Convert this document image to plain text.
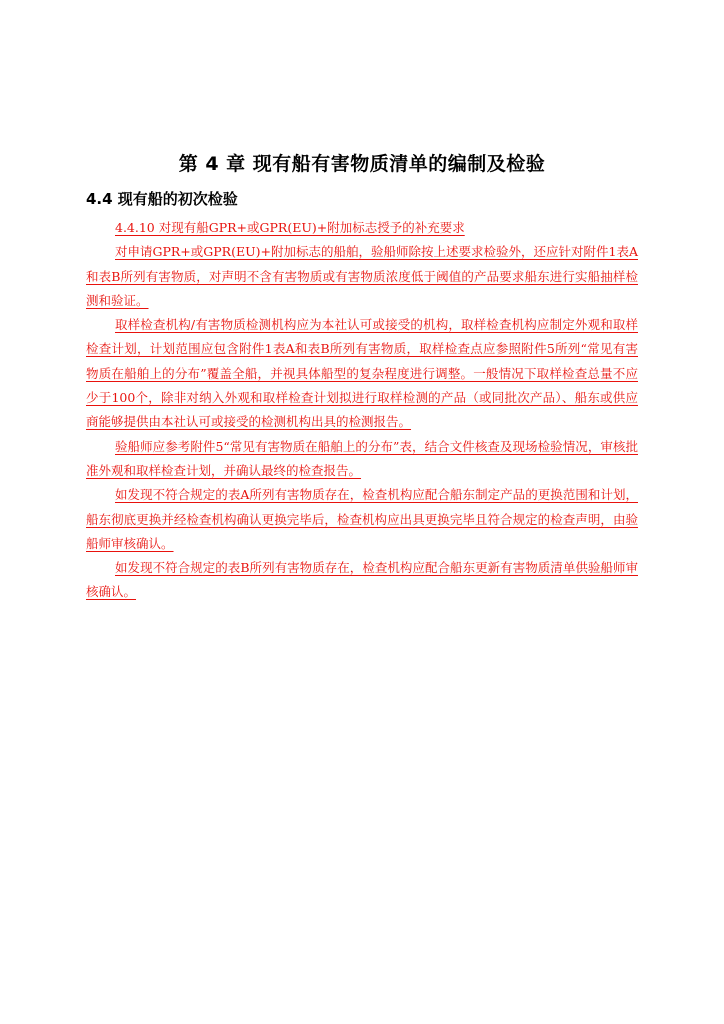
第 4 章 现有船有害物质清单的编制及检验
4.4 现有船的初次检验
4.4.10 对现有船GPR+或GPR(EU)+附加标志授予的补充要求

对申请GPR+或GPR(EU)+附加标志的船舶，验船师除按上述要求检验外，还应针对附件1表A和表B所列有害物质，对声明不含有害物质或有害物质浓度低于阈值的产品要求船东进行实船抽样检测和验证。

取样检查机构/有害物质检测机构应为本社认可或接受的机构，取样检查机构应制定外观和取样检查计划，计划范围应包含附件1表A和表B所列有害物质，取样检查点应参照附件5所列“常见有害物质在船舶上的分布”覆盖全船，并视具体船型的复杂程度进行调整。一般情况下取样检查总量不应少于100个，除非对纳入外观和取样检查计划拟进行取样检测的产品（或同批次产品）、船东或供应商能够提供由本社认可或接受的检测机构出具的检测报告。

验船师应参考附件5“常见有害物质在船舶上的分布”表，结合文件核查及现场检验情况，审核批准外观和取样检查计划，并确认最终的检查报告。

如发现不符合规定的表A所列有害物质存在，检查机构应配合船东制定产品的更换范围和计划，船东彻底更换并经检查机构确认更换完毕后，检查机构应出具更换完毕且符合规定的检查声明，由验船师审核确认。

如发现不符合规定的表B所列有害物质存在，检查机构应配合船东更新有害物质清单供验船师审核确认。
